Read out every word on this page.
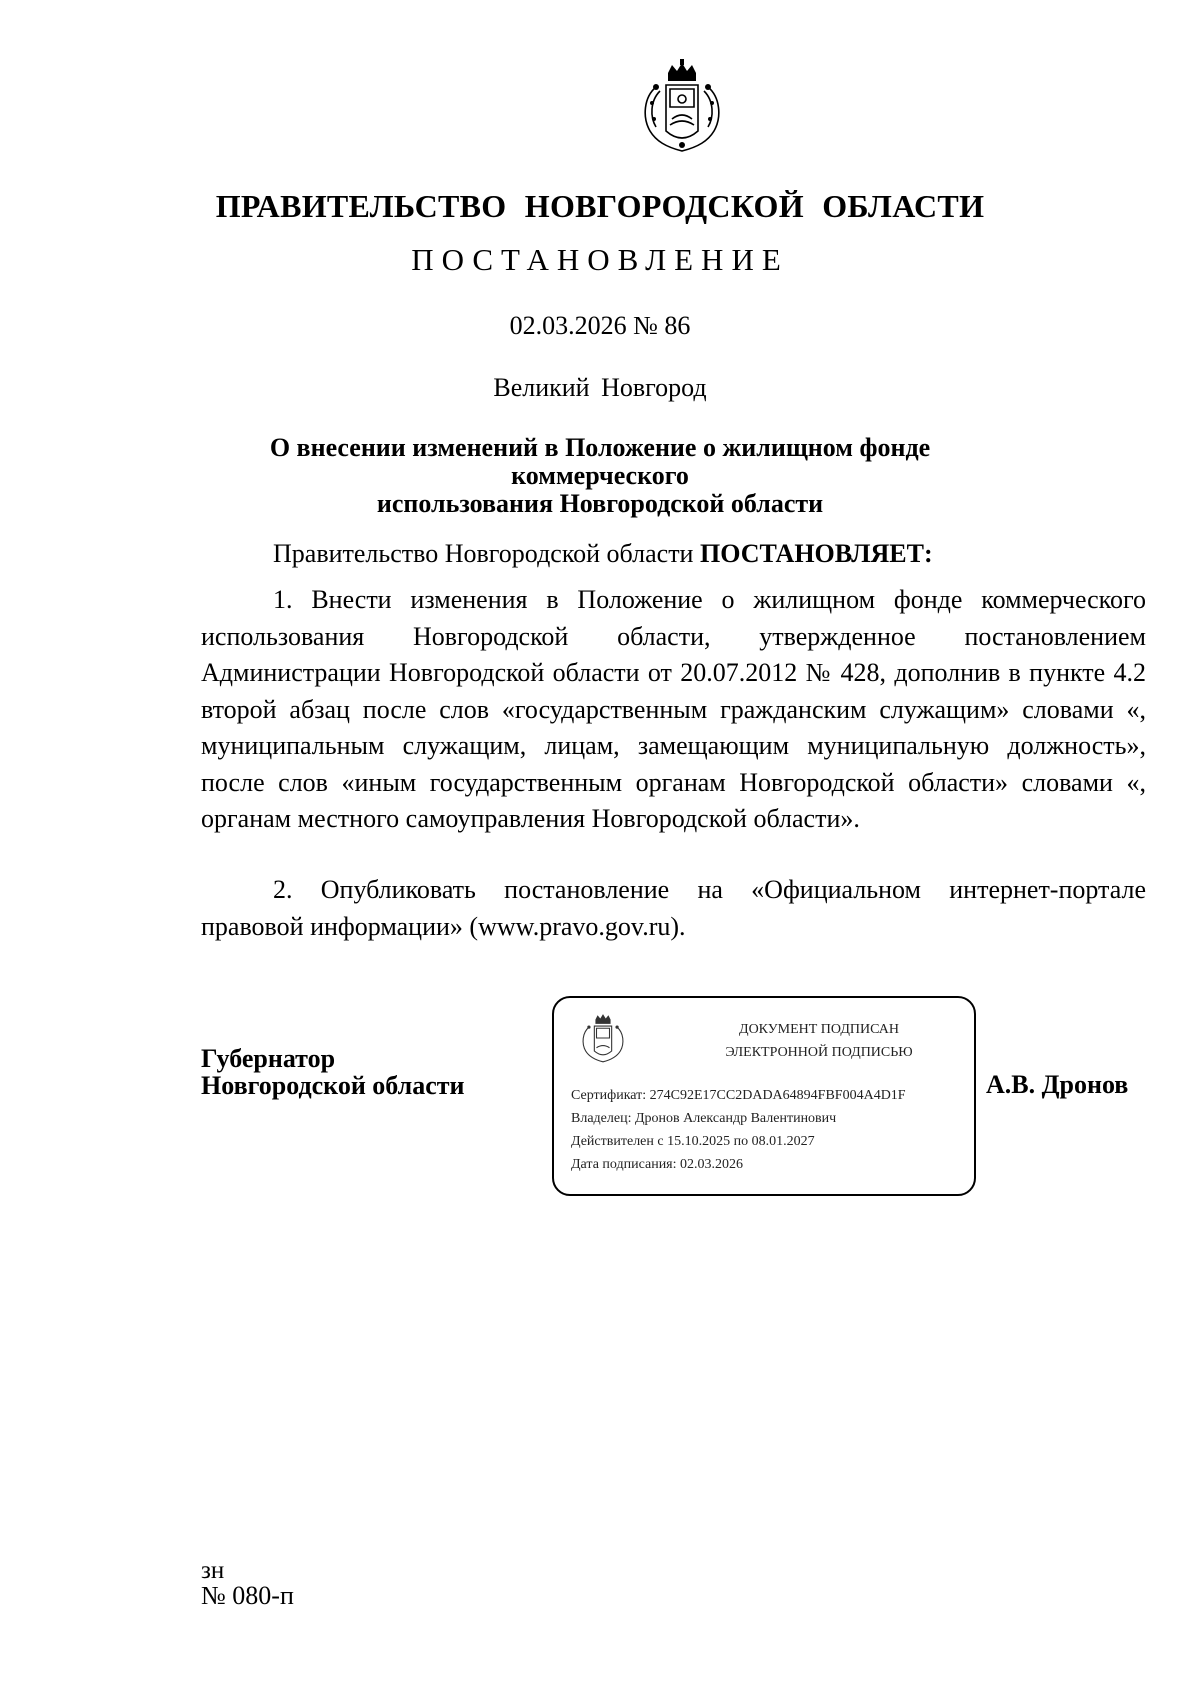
ПРАВИТЕЛЬСТВО НОВГОРОДСКОЙ ОБЛАСТИ
ПОСТАНОВЛЕНИЕ
02.03.2026 № 86
Великий Новгород
О внесении изменений в Положение о жилищном фонде коммерческого
использования Новгородской области

Правительство Новгородской области ПОСТАНОВЛЯЕТ:

1. Внести изменения в Положение о жилищном фонде коммерческого использования Новгородской области, утвержденное постановлением Администрации Новгородской области от 20.07.2012 № 428, дополнив в пункте 4.2 второй абзац после слов «государственным гражданским служащим» словами «, муниципальным служащим, лицам, замещающим муниципальную должность», после слов «иным государственным органам Новгородской области» словами «, органам местного самоуправления Новгородской области».

2. Опубликовать постановление на «Официальном интернет-портале правовой информации» (www.pravo.gov.ru).

Губернатор
Новгородской области
ДОКУМЕНТ ПОДПИСАН
ЭЛЕКТРОННОЙ ПОДПИСЬЮ
Сертификат: 274C92E17CC2DADA64894FBF004A4D1F
Владелец: Дронов Александр Валентинович
Действителен с 15.10.2025 по 08.01.2027
Дата подписания: 02.03.2026
А.В. Дронов
зн
№ 080-п
